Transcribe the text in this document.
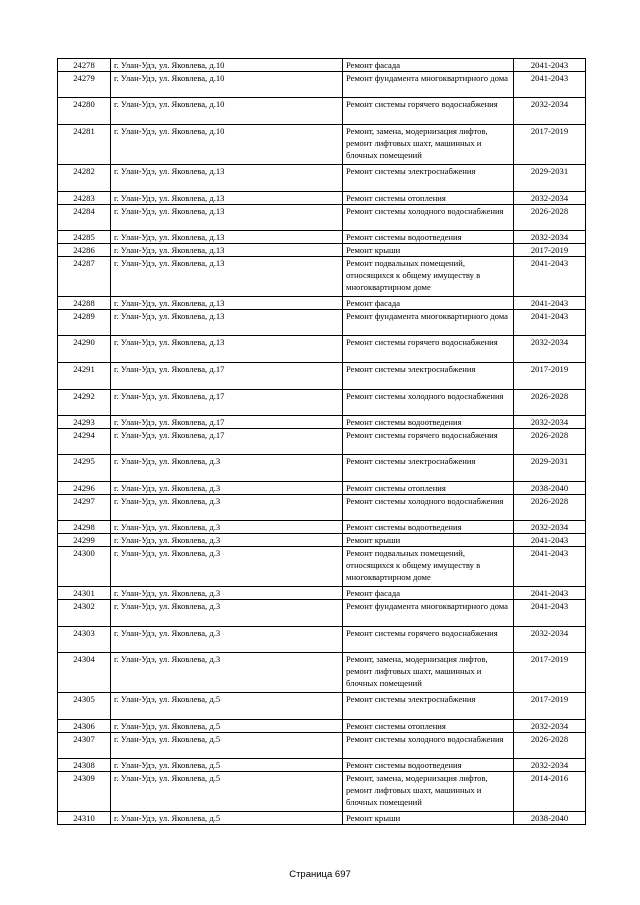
24278	г. Улан-Удэ, ул. Яковлева, д.10	Ремонт фасада	2041-2043
24279	г. Улан-Удэ, ул. Яковлева, д.10	Ремонт фундамента многоквартирного дома	2041-2043
24280	г. Улан-Удэ, ул. Яковлева, д.10	Ремонт системы горячего водоснабжения	2032-2034
24281	г. Улан-Удэ, ул. Яковлева, д.10	Ремонт, замена, модернизация лифтов, ремонт лифтовых шахт, машинных и блочных помещений	2017-2019
24282	г. Улан-Удэ, ул. Яковлева, д.13	Ремонт системы электроснабжения	2029-2031
24283	г. Улан-Удэ, ул. Яковлева, д.13	Ремонт системы отопления	2032-2034
24284	г. Улан-Удэ, ул. Яковлева, д.13	Ремонт системы холодного водоснабжения	2026-2028
24285	г. Улан-Удэ, ул. Яковлева, д.13	Ремонт системы водоотведения	2032-2034
24286	г. Улан-Удэ, ул. Яковлева, д.13	Ремонт крыши	2017-2019
24287	г. Улан-Удэ, ул. Яковлева, д.13	Ремонт подвальных помещений, относящихся к общему имуществу в многоквартирном доме	2041-2043
24288	г. Улан-Удэ, ул. Яковлева, д.13	Ремонт фасада	2041-2043
24289	г. Улан-Удэ, ул. Яковлева, д.13	Ремонт фундамента многоквартирного дома	2041-2043
24290	г. Улан-Удэ, ул. Яковлева, д.13	Ремонт системы горячего водоснабжения	2032-2034
24291	г. Улан-Удэ, ул. Яковлева, д.17	Ремонт системы электроснабжения	2017-2019
24292	г. Улан-Удэ, ул. Яковлева, д.17	Ремонт системы холодного водоснабжения	2026-2028
24293	г. Улан-Удэ, ул. Яковлева, д.17	Ремонт системы водоотведения	2032-2034
24294	г. Улан-Удэ, ул. Яковлева, д.17	Ремонт системы горячего водоснабжения	2026-2028
24295	г. Улан-Удэ, ул. Яковлева, д.3	Ремонт системы электроснабжения	2029-2031
24296	г. Улан-Удэ, ул. Яковлева, д.3	Ремонт системы отопления	2038-2040
24297	г. Улан-Удэ, ул. Яковлева, д.3	Ремонт системы холодного водоснабжения	2026-2028
24298	г. Улан-Удэ, ул. Яковлева, д.3	Ремонт системы водоотведения	2032-2034
24299	г. Улан-Удэ, ул. Яковлева, д.3	Ремонт крыши	2041-2043
24300	г. Улан-Удэ, ул. Яковлева, д.3	Ремонт подвальных помещений, относящихся к общему имуществу в многоквартирном доме	2041-2043
24301	г. Улан-Удэ, ул. Яковлева, д.3	Ремонт фасада	2041-2043
24302	г. Улан-Удэ, ул. Яковлева, д.3	Ремонт фундамента многоквартирного дома	2041-2043
24303	г. Улан-Удэ, ул. Яковлева, д.3	Ремонт системы горячего водоснабжения	2032-2034
24304	г. Улан-Удэ, ул. Яковлева, д.3	Ремонт, замена, модернизация лифтов, ремонт лифтовых шахт, машинных и блочных помещений	2017-2019
24305	г. Улан-Удэ, ул. Яковлева, д.5	Ремонт системы электроснабжения	2017-2019
24306	г. Улан-Удэ, ул. Яковлева, д.5	Ремонт системы отопления	2032-2034
24307	г. Улан-Удэ, ул. Яковлева, д.5	Ремонт системы холодного водоснабжения	2026-2028
24308	г. Улан-Удэ, ул. Яковлева, д.5	Ремонт системы водоотведения	2032-2034
24309	г. Улан-Удэ, ул. Яковлева, д.5	Ремонт, замена, модернизация лифтов, ремонт лифтовых шахт, машинных и блочных помещений	2014-2016
24310	г. Улан-Удэ, ул. Яковлева, д.5	Ремонт крыши	2038-2040
Страница 697
